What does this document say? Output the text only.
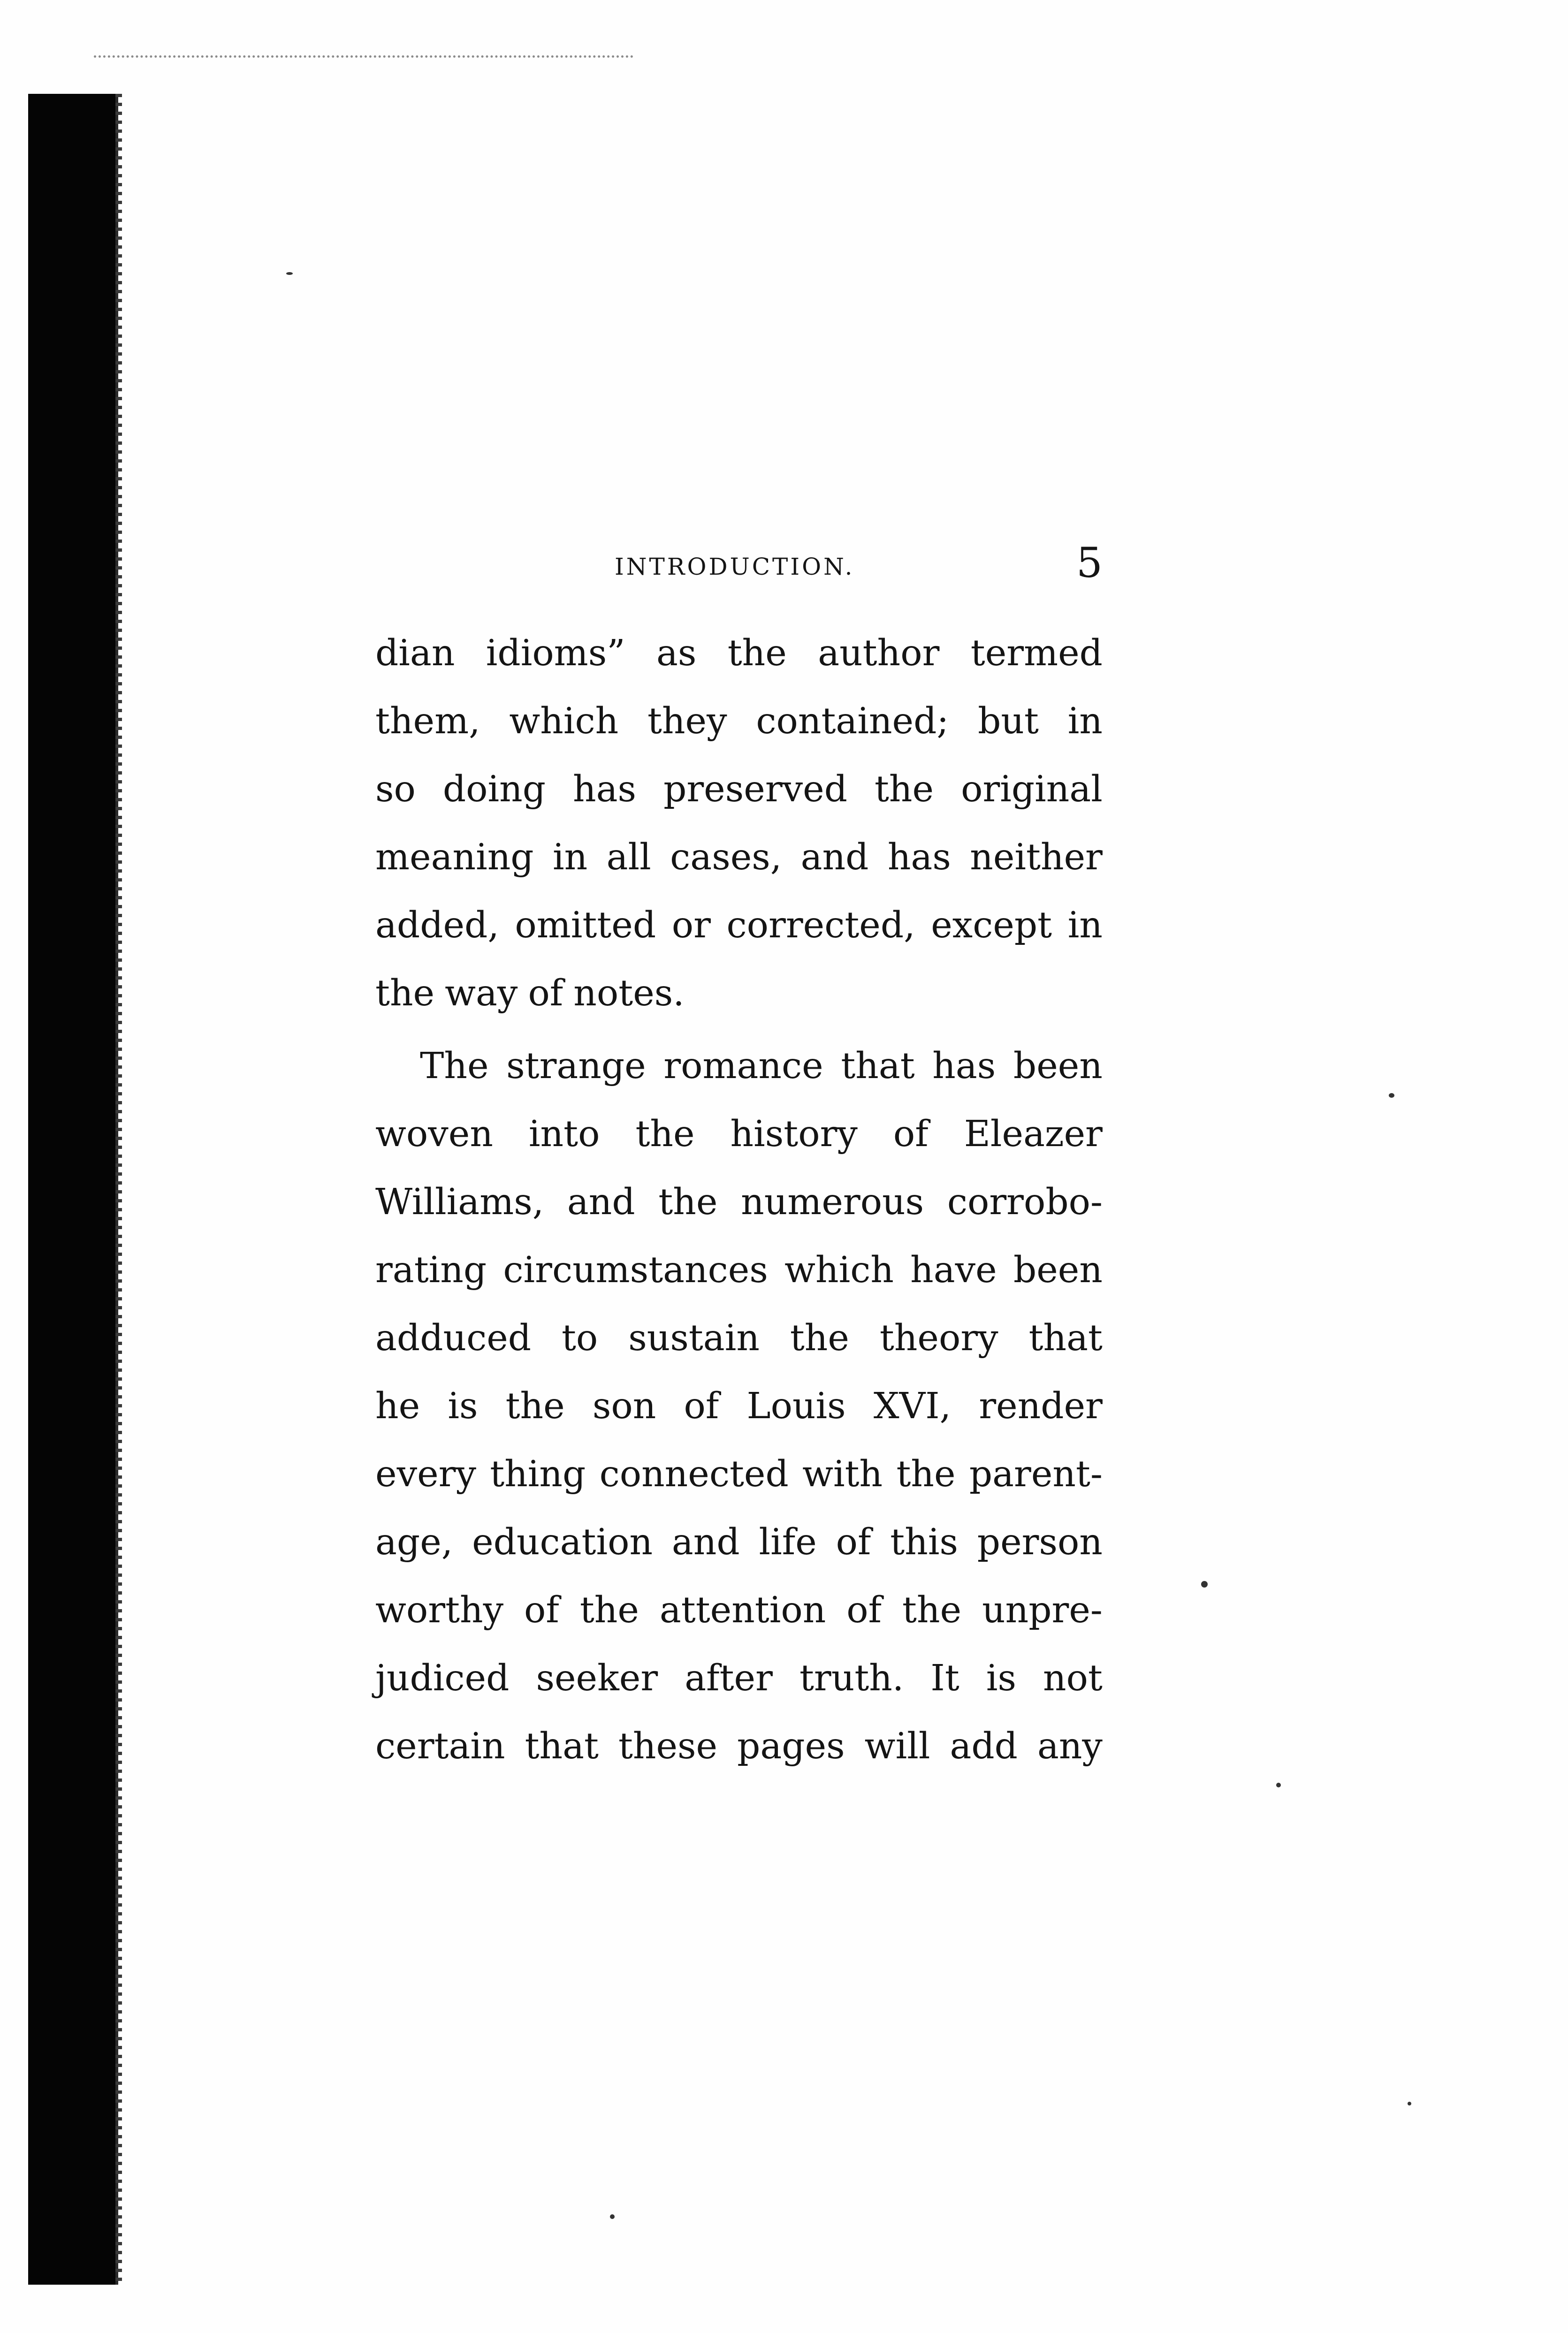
INTRODUCTION.	5
dian idioms” as the author termed
them, which they contained; but in
so doing has preserved the original
meaning in all cases, and has neither
added, omitted or corrected, except in
the way of notes.
The strange romance that has been
woven into the history of Eleazer
Williams, and the numerous corrobo-
rating circumstances which have been
adduced to sustain the theory that
he is the son of Louis XVI, render
every thing connected with the parent-
age, education and life of this person
worthy of the attention of the unpre-
judiced seeker after truth. It is not
certain that these pages will add any
